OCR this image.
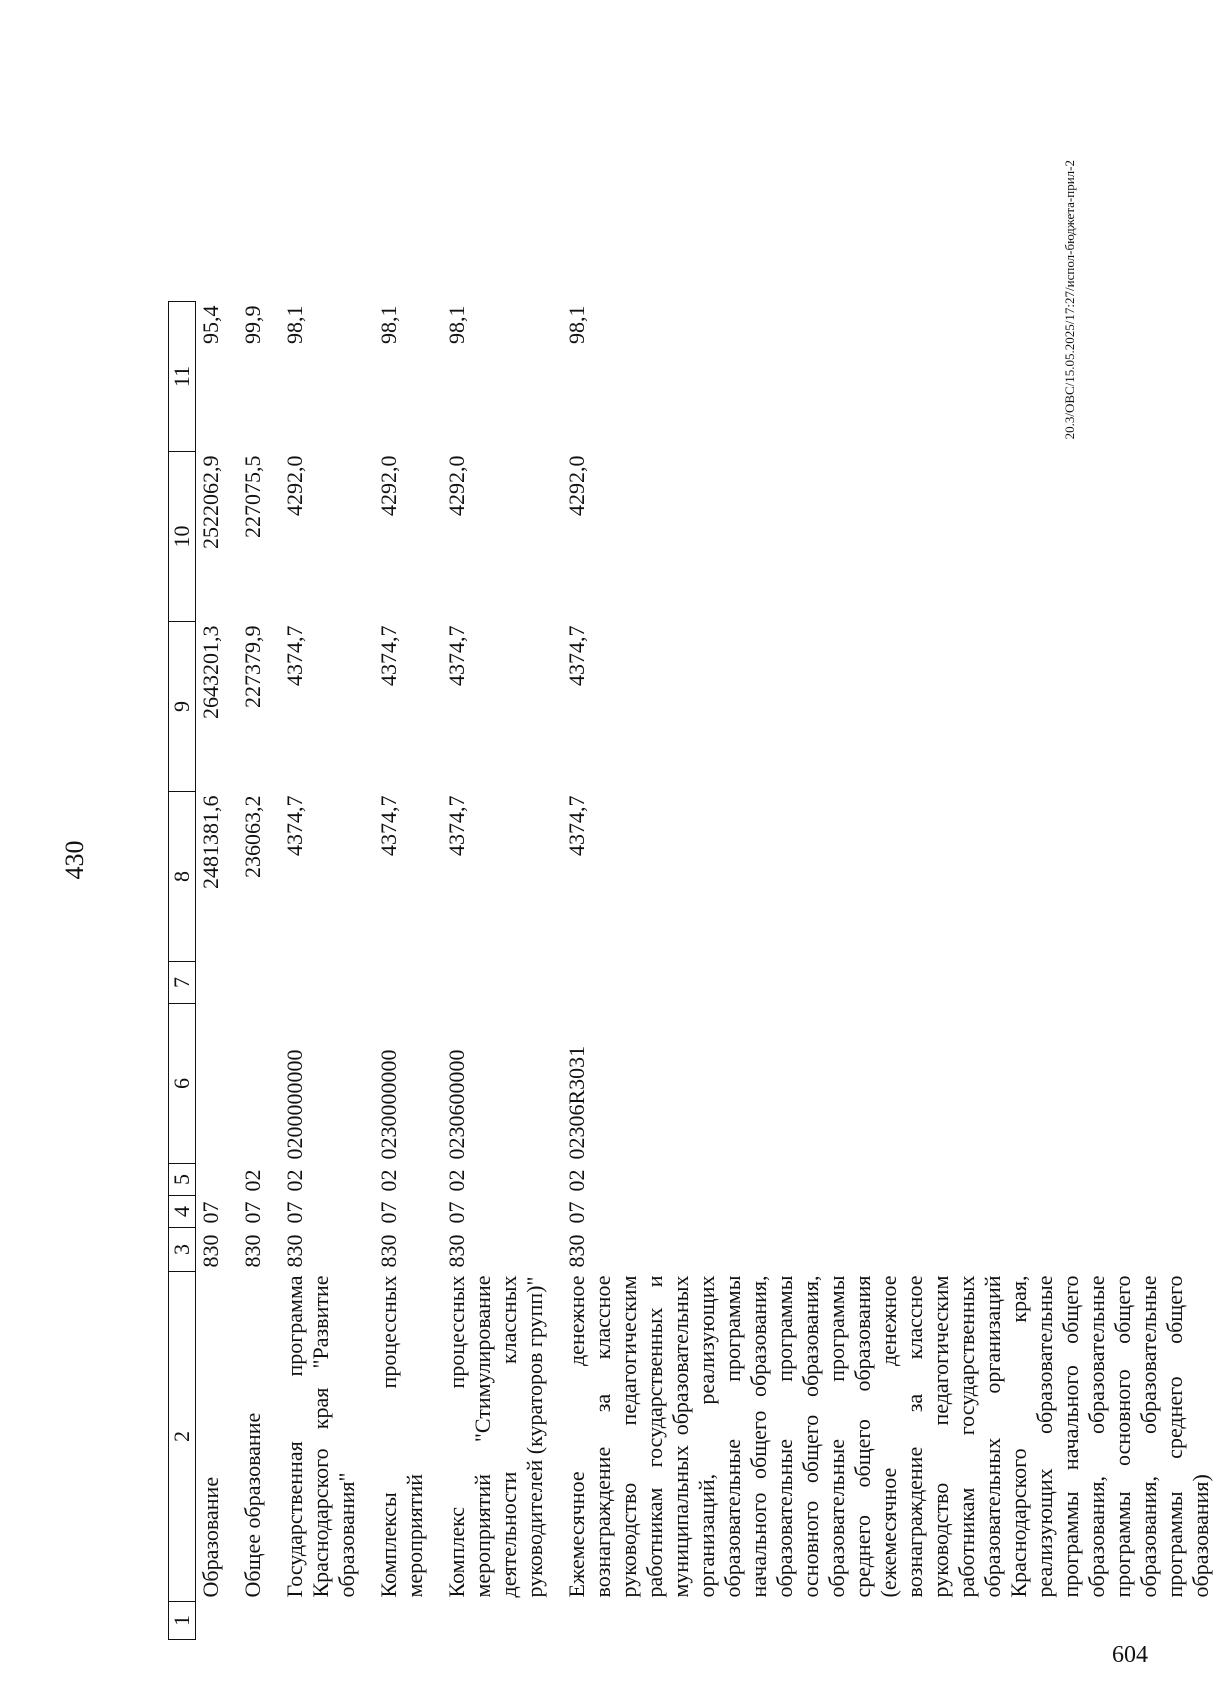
430
1	2	3	4	5	6	7	8	9	10	11
	Образование	830	07				2481381,6	2643201,3	2522062,9	95,4
	Общее образование	830	07	02			236063,2	227379,9	227075,5	99,9
	Государственная программа Краснодарского края "Развитие образования"	830	07	02	0200000000		4374,7	4374,7	4292,0	98,1
	Комплексы процессных мероприятий	830	07	02	0230000000		4374,7	4374,7	4292,0	98,1
	Комплекс процессных мероприятий "Стимулирование деятельности классных руководителей (кураторов групп)"	830	07	02	0230600000		4374,7	4374,7	4292,0	98,1
	Ежемесячное денежное вознаграждение за классное руководство педагогическим работникам государственных и муниципальных образовательных организаций, реализующих образовательные программы начального общего образования, образовательные программы основного общего образования, образовательные программы среднего общего образования (ежемесячное денежное вознаграждение за классное руководство педагогическим работникам государственных образовательных организаций Краснодарского края, реализующих образовательные программы начального общего образования, образовательные программы основного общего образования, образовательные программы среднего общего образования)	830	07	02	02306R3031		4374,7	4374,7	4292,0	98,1	20.3/ОВС/15.05.2025/17:27/испол-бюджета-прил-2
604
